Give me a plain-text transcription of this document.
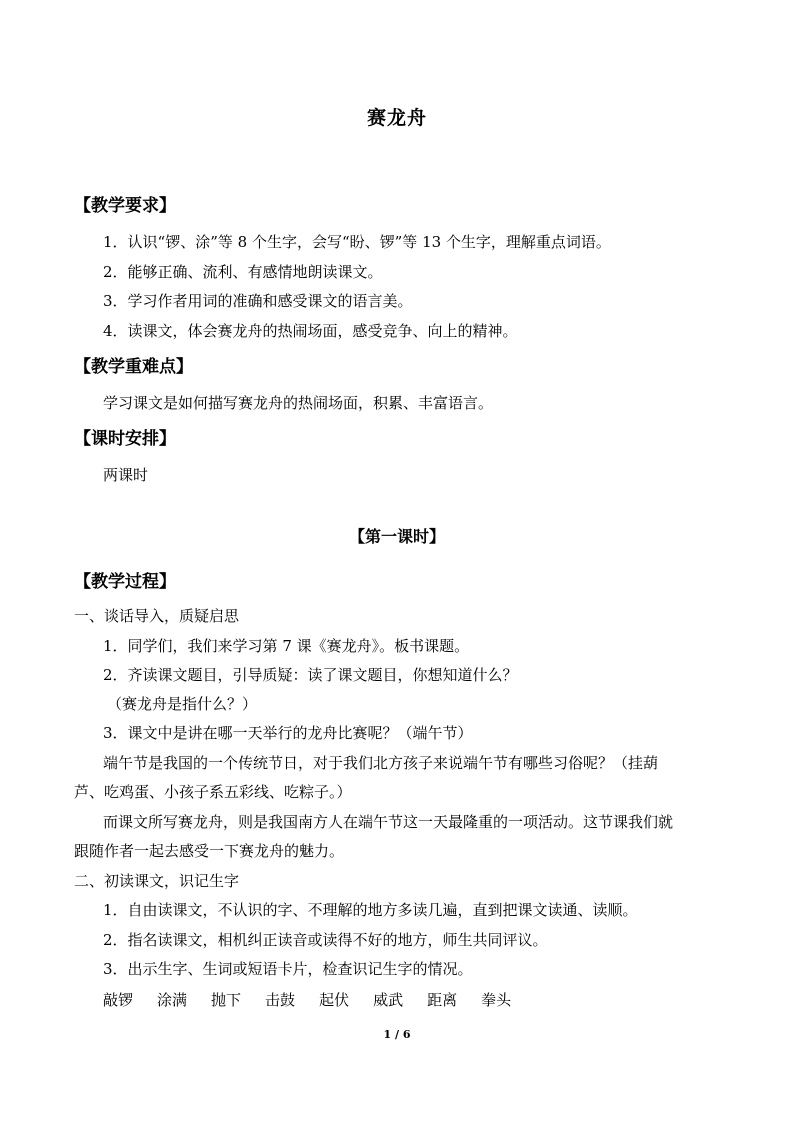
赛龙舟
【教学要求】
1．认识“锣、涂”等 8 个生字，会写“盼、锣”等 13 个生字，理解重点词语。
2．能够正确、流利、有感情地朗读课文。
3．学习作者用词的准确和感受课文的语言美。
4．读课文，体会赛龙舟的热闹场面，感受竞争、向上的精神。
【教学重难点】
学习课文是如何描写赛龙舟的热闹场面，积累、丰富语言。
【课时安排】
两课时
【第一课时】
【教学过程】
一、谈话导入，质疑启思
1．同学们，我们来学习第 7 课《赛龙舟》。板书课题。
2．齐读课文题目，引导质疑：读了课文题目，你想知道什么？
（赛龙舟是指什么？）
3．课文中是讲在哪一天举行的龙舟比赛呢？（端午节）
端午节是我国的一个传统节日，对于我们北方孩子来说端午节有哪些习俗呢？（挂葫
芦、吃鸡蛋、小孩子系五彩线、吃粽子。）
而课文所写赛龙舟，则是我国南方人在端午节这一天最隆重的一项活动。这节课我们就
跟随作者一起去感受一下赛龙舟的魅力。
二、初读课文，识记生字
1．自由读课文，不认识的字、不理解的地方多读几遍，直到把课文读通、读顺。
2．指名读课文，相机纠正读音或读得不好的地方，师生共同评议。
3．出示生字、生词或短语卡片，检查识记生字的情况。
敲锣 涂满 抛下 击鼓 起伏 威武 距离 拳头
1 / 6
